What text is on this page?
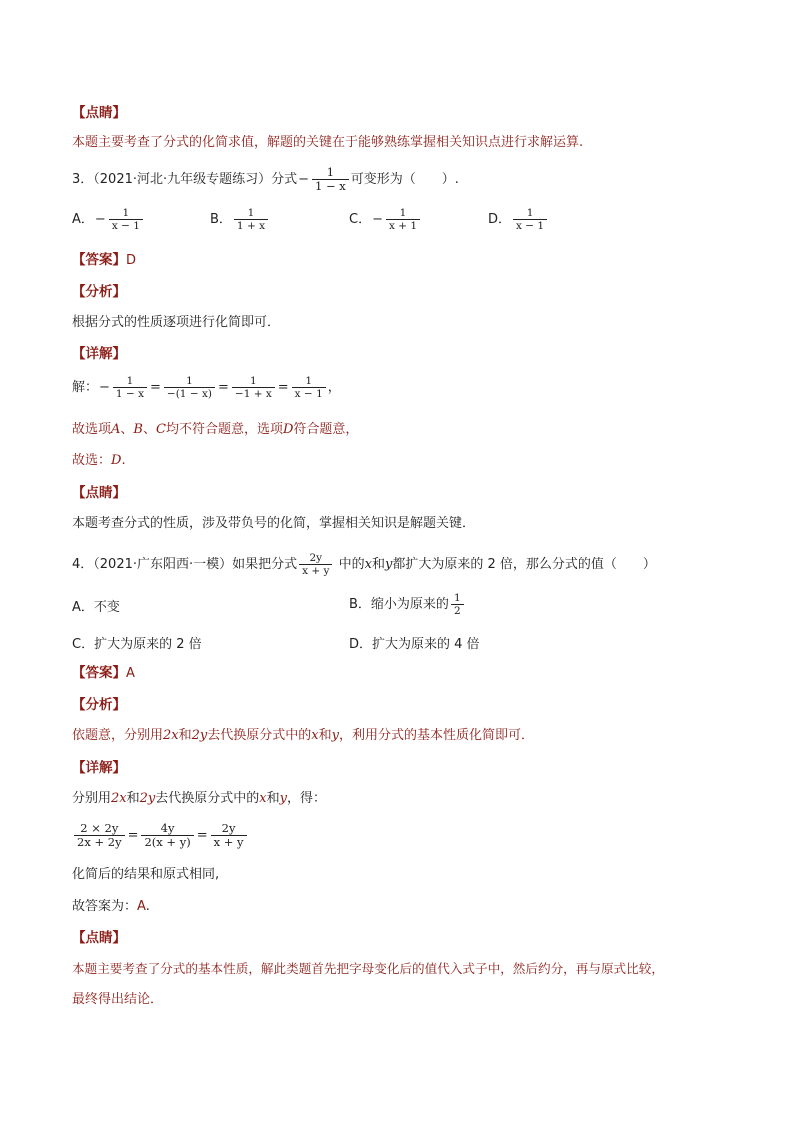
【点睛】
本题主要考查了分式的化简求值，解题的关键在于能够熟练掌握相关知识点进行求解运算.
3．（2021·河北·九年级专题练习）分式− $\frac{1}{1 - x}$ 可变形为（　　）.
A．− $\frac{1}{x - 1}$	B． $\frac{1}{1 + x}$	C．− $\frac{1}{x + 1}$	D． $\frac{1}{x - 1}$
【答案】D
【分析】
根据分式的性质逐项进行化简即可．
【详解】
解：− $\frac{1}{1 - x} = \frac{1}{-(1 - x)} = \frac{1}{-1 + x} = \frac{1}{x - 1}$ ，
故选项A、B、C均不符合题意，选项D符合题意，
故选：D.
【点睛】
本题考查分式的性质，涉及带负号的化简，掌握相关知识是解题关键．
4．（2021·广东阳西·一模）如果把分式 $\frac{2y}{x + y}$ 中的x和y都扩大为原来的 2 倍，那么分式的值（　　）
A．不变	B．缩小为原来的 $\frac{1}{2}$
C．扩大为原来的 2 倍	D．扩大为原来的 4 倍
【答案】A
【分析】
依题意，分别用2x和2y去代换原分式中的x和y，利用分式的基本性质化简即可．
【详解】
分别用2x和2y去代换原分式中的x和y，得：
$\frac{2 \times 2y}{2x + 2y} = \frac{4y}{2(x + y)} = \frac{2y}{x + y}$
化简后的结果和原式相同,
故答案为：A.
【点睛】
本题主要考查了分式的基本性质，解此类题首先把字母变化后的值代入式子中，然后约分，再与原式比较，
最终得出结论．
